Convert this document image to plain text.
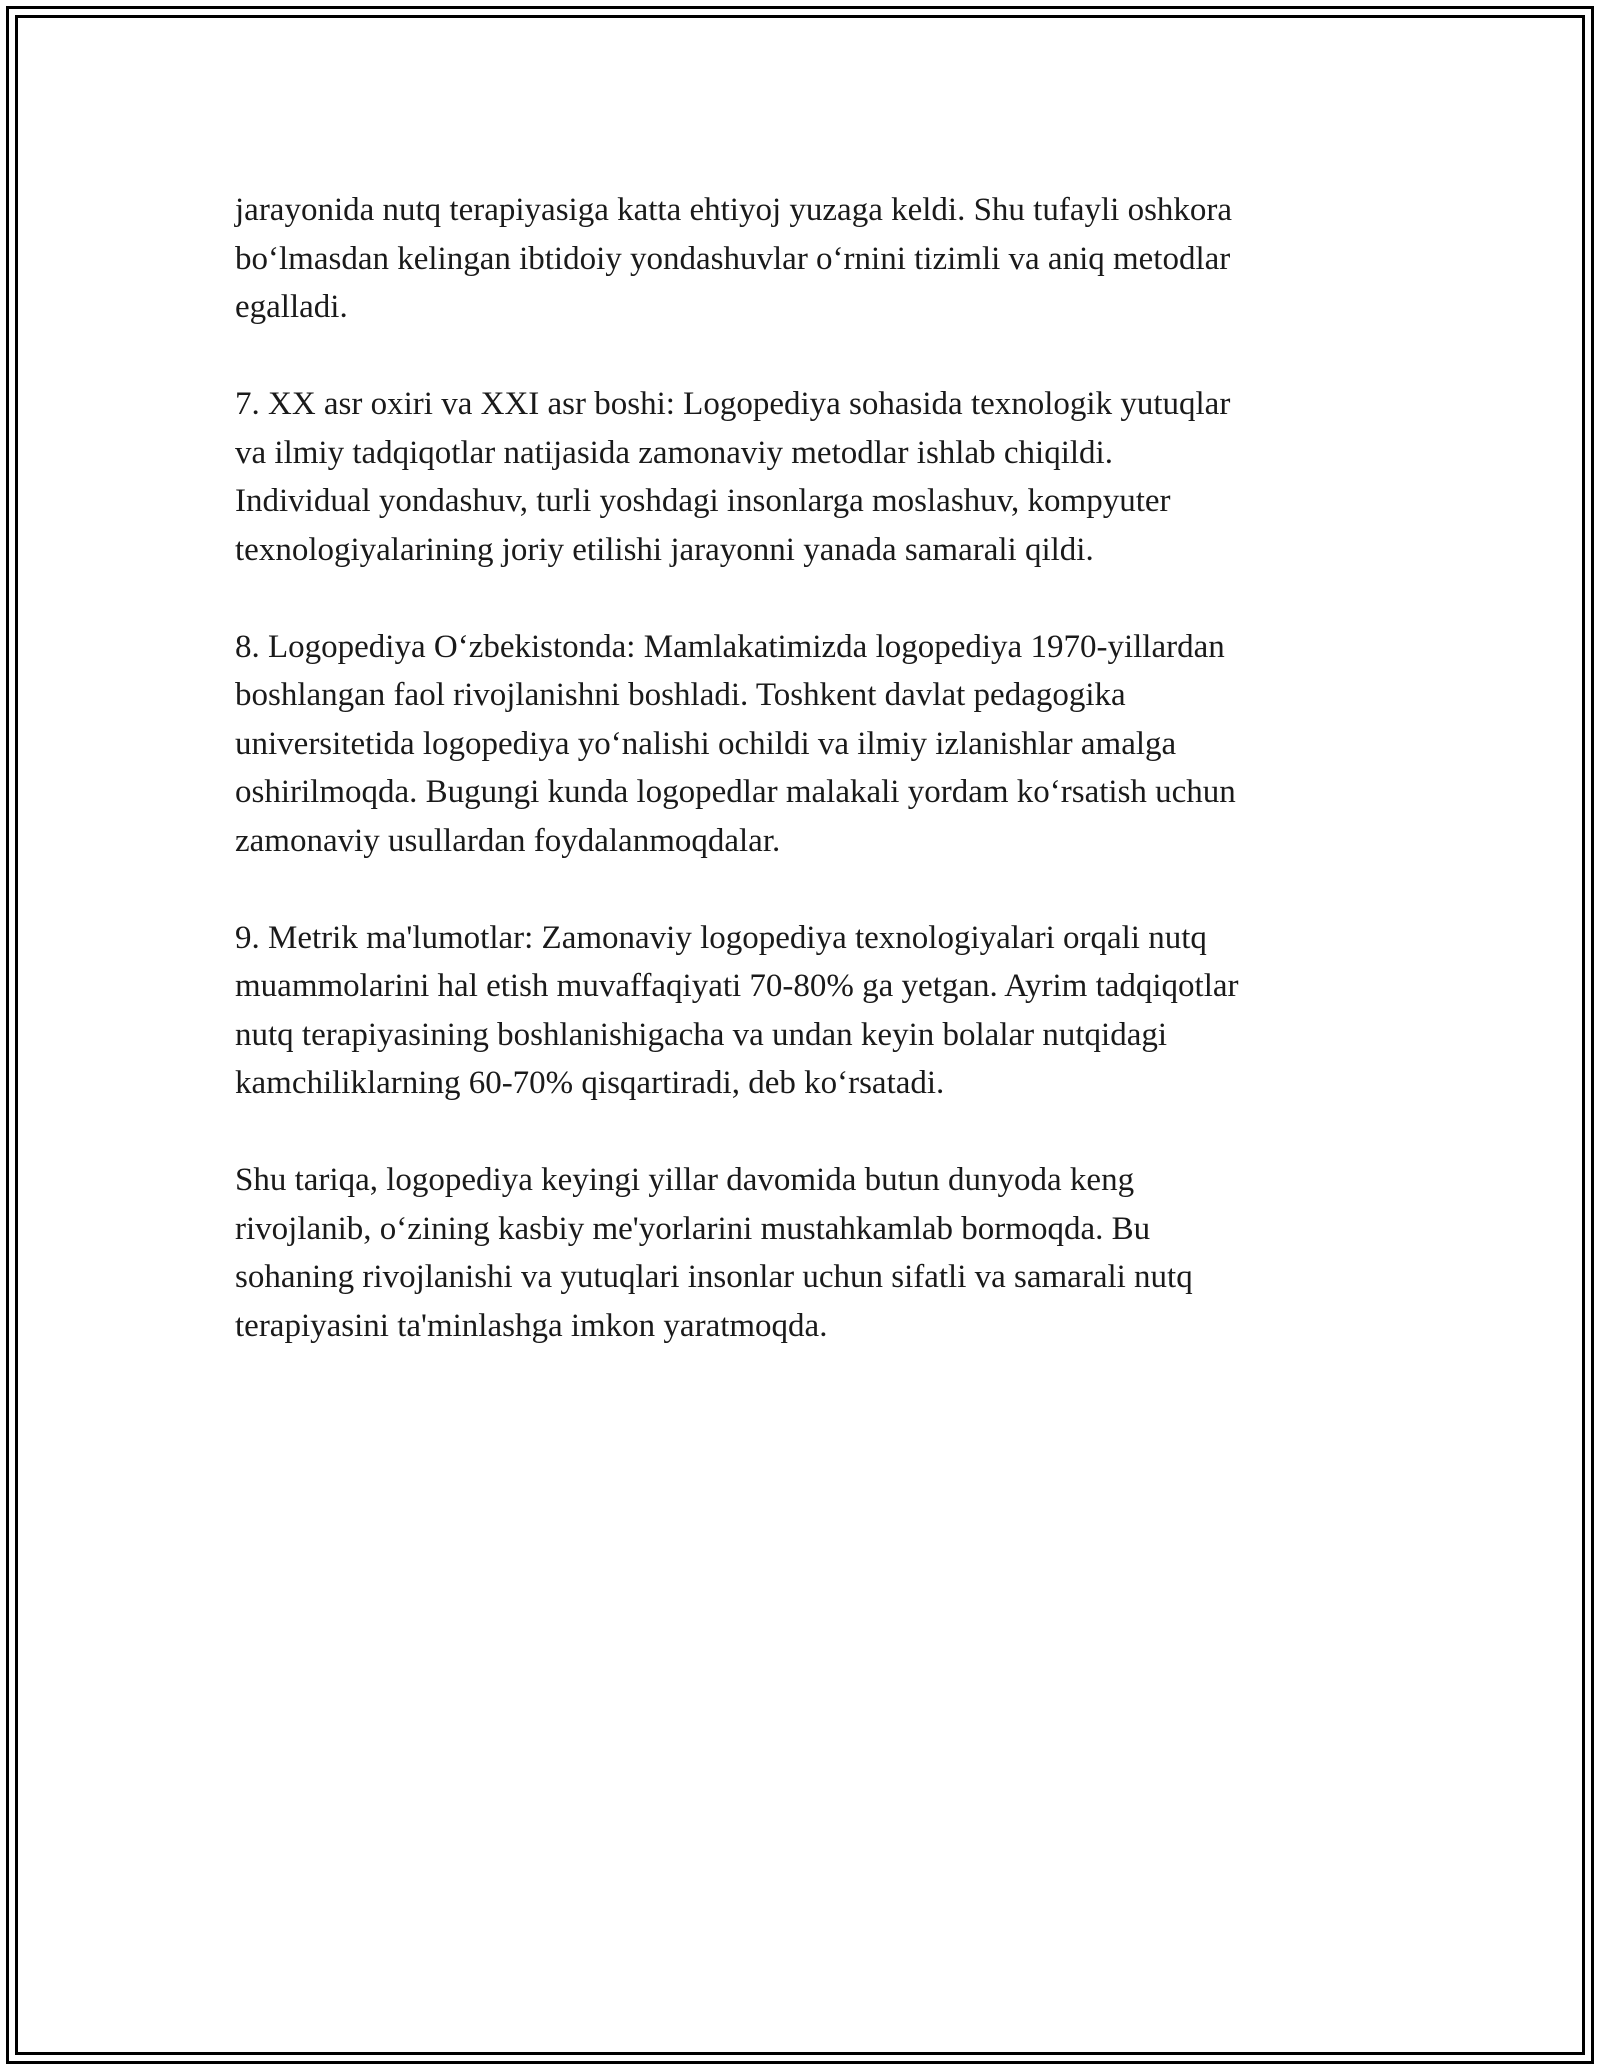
jarayonida nutq terapiyasiga katta ehtiyoj yuzaga keldi. Shu tufayli oshkora
boʻlmasdan kelingan ibtidoiy yondashuvlar oʻrnini tizimli va aniq metodlar
egalladi.

7. XX asr oxiri va XXI asr boshi: Logopediya sohasida texnologik yutuqlar
va ilmiy tadqiqotlar natijasida zamonaviy metodlar ishlab chiqildi.
Individual yondashuv, turli yoshdagi insonlarga moslashuv, kompyuter
texnologiyalarining joriy etilishi jarayonni yanada samarali qildi.

8. Logopediya Oʻzbekistonda: Mamlakatimizda logopediya 1970-yillardan
boshlangan faol rivojlanishni boshladi. Toshkent davlat pedagogika
universitetida logopediya yoʻnalishi ochildi va ilmiy izlanishlar amalga
oshirilmoqda. Bugungi kunda logopedlar malakali yordam koʻrsatish uchun
zamonaviy usullardan foydalanmoqdalar.

9. Metrik ma'lumotlar: Zamonaviy logopediya texnologiyalari orqali nutq
muammolarini hal etish muvaffaqiyati 70-80% ga yetgan. Ayrim tadqiqotlar
nutq terapiyasining boshlanishigacha va undan keyin bolalar nutqidagi
kamchiliklarning 60-70% qisqartiradi, deb koʻrsatadi.

Shu tariqa, logopediya keyingi yillar davomida butun dunyoda keng
rivojlanib, oʻzining kasbiy me'yorlarini mustahkamlab bormoqda. Bu
sohaning rivojlanishi va yutuqlari insonlar uchun sifatli va samarali nutq
terapiyasini ta'minlashga imkon yaratmoqda.
